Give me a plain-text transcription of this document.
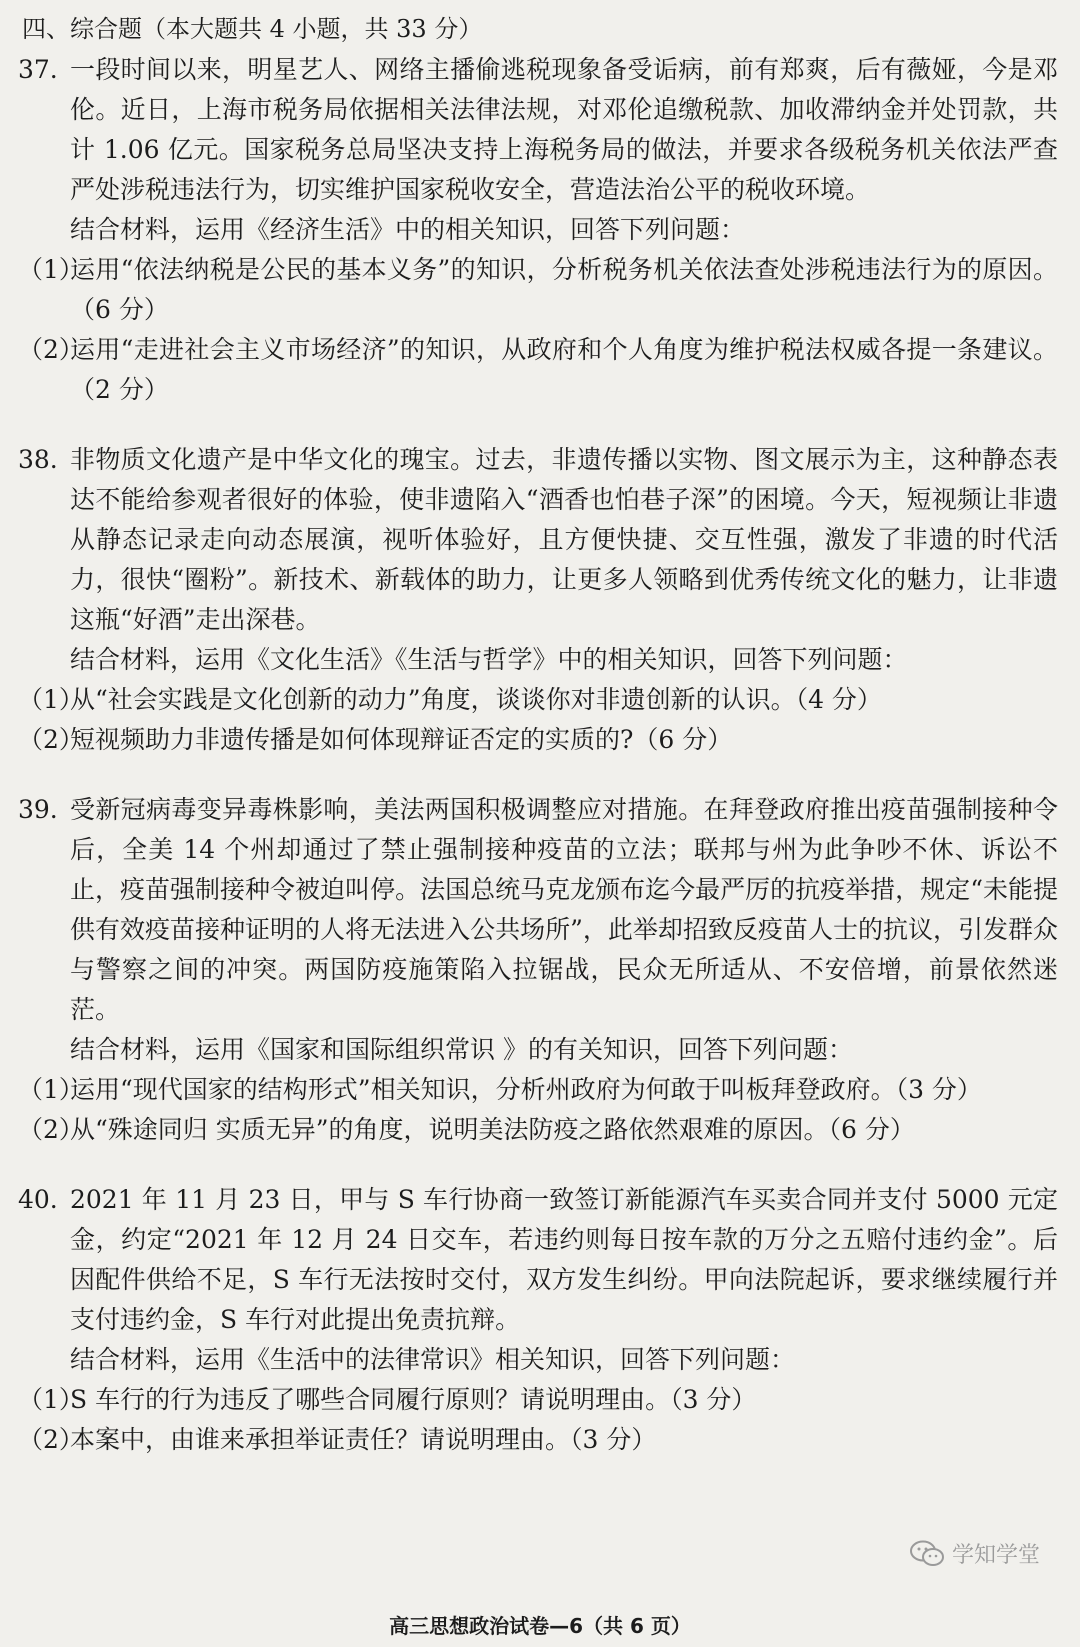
四、综合题（本大题共 4 小题，共 33 分）
37. 一段时间以来，明星艺人、网络主播偷逃税现象备受诟病，前有郑爽，后有薇娅，今是邓伦。近日，上海市税务局依据相关法律法规，对邓伦追缴税款、加收滞纳金并处罚款，共计 1.06 亿元。国家税务总局坚决支持上海税务局的做法，并要求各级税务机关依法严查严处涉税违法行为，切实维护国家税收安全，营造法治公平的税收环境。
结合材料，运用《经济生活》中的相关知识，回答下列问题：
（1）
运用“依法纳税是公民的基本义务”的知识，分析税务机关依法查处涉税违法行为的原因。（6 分）
（2）
运用“走进社会主义市场经济”的知识，从政府和个人角度为维护税法权威各提一条建议。（2 分）
38. 非物质文化遗产是中华文化的瑰宝。过去，非遗传播以实物、图文展示为主，这种静态表达不能给参观者很好的体验，使非遗陷入“酒香也怕巷子深”的困境。今天，短视频让非遗从静态记录走向动态展演，视听体验好，且方便快捷、交互性强，激发了非遗的时代活力，很快“圈粉”。新技术、新载体的助力，让更多人领略到优秀传统文化的魅力，让非遗这瓶“好酒”走出深巷。
结合材料，运用《文化生活》《生活与哲学》中的相关知识，回答下列问题：
（1）
从“社会实践是文化创新的动力”角度，谈谈你对非遗创新的认识。（4 分）
（2）
短视频助力非遗传播是如何体现辩证否定的实质的?（6 分）
39. 受新冠病毒变异毒株影响，美法两国积极调整应对措施。在拜登政府推出疫苗强制接种令后，全美 14 个州却通过了禁止强制接种疫苗的立法；联邦与州为此争吵不休、诉讼不止，疫苗强制接种令被迫叫停。法国总统马克龙颁布迄今最严厉的抗疫举措，规定“未能提供有效疫苗接种证明的人将无法进入公共场所”，此举却招致反疫苗人士的抗议，引发群众与警察之间的冲突。两国防疫施策陷入拉锯战，民众无所适从、不安倍增，前景依然迷茫。
结合材料，运用《国家和国际组织常识 》的有关知识，回答下列问题：
（1）
运用“现代国家的结构形式”相关知识，分析州政府为何敢于叫板拜登政府。（3 分）
（2）
从“殊途同归 实质无异”的角度，说明美法防疫之路依然艰难的原因。（6 分）
40. 2021 年 11 月 23 日，甲与 S 车行协商一致签订新能源汽车买卖合同并支付 5000 元定金，约定“2021 年 12 月 24 日交车，若违约则每日按车款的万分之五赔付违约金”。后因配件供给不足，S 车行无法按时交付，双方发生纠纷。甲向法院起诉，要求继续履行并支付违约金，S 车行对此提出免责抗辩。
结合材料，运用《生活中的法律常识》相关知识，回答下列问题：
（1）
S 车行的行为违反了哪些合同履行原则？请说明理由。（3 分）
（2）
本案中，由谁来承担举证责任？请说明理由。（3 分）
学知学堂
高三思想政治试卷—6（共 6 页）
